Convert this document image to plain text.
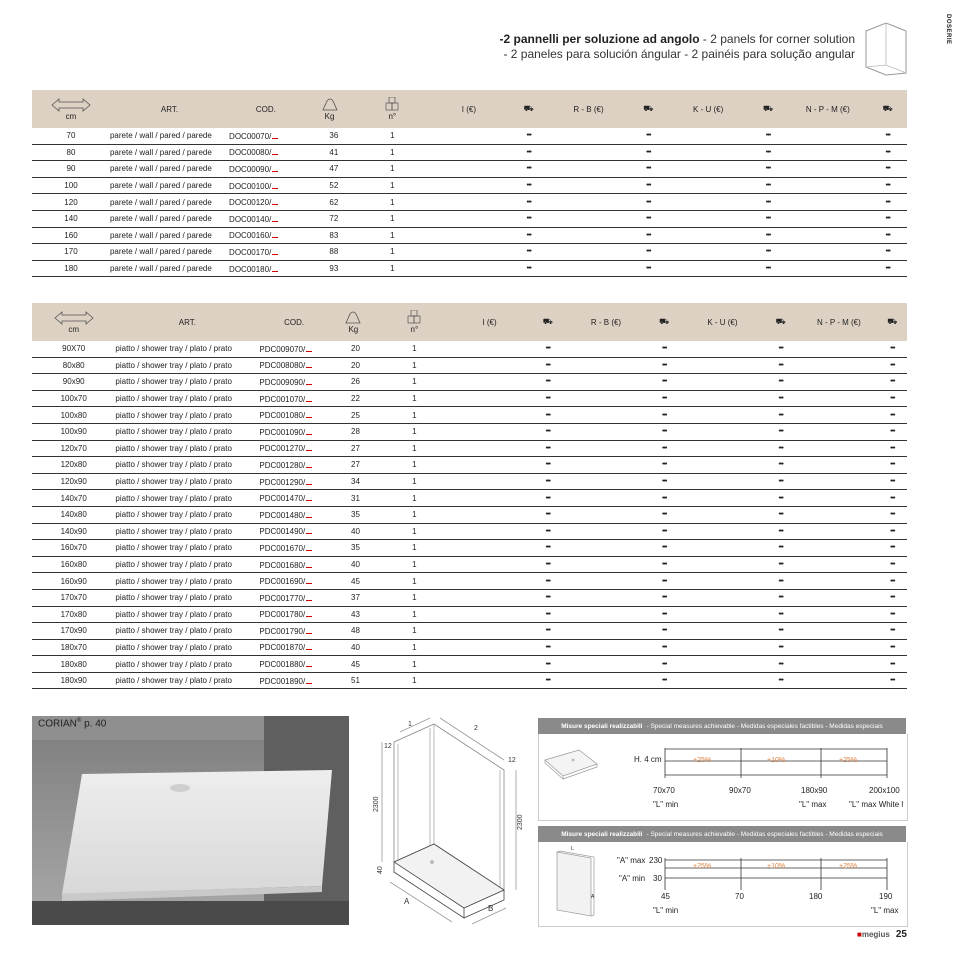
-2 pannelli per soluzione ad angolo - 2 panels for corner solution
- 2 paneles para solución ángular - 2 painéis para solução angular
DOSERIE
cm	ART.	COD.	Kg	n°	I (€)	⛟	R - B (€)	⛟	K - U (€)	⛟	N - P - M (€)	⛟
70	parete / wall / pared / parede	DOC00070/	36	1		•••		•••		•••		•••
80	parete / wall / pared / parede	DOC00080/	41	1		•••		•••		•••		•••
90	parete / wall / pared / parede	DOC00090/	47	1		•••		•••		•••		•••
100	parete / wall / pared / parede	DOC00100/	52	1		•••		•••		•••		•••
120	parete / wall / pared / parede	DOC00120/	62	1		•••		•••		•••		•••
140	parete / wall / pared / parede	DOC00140/	72	1		•••		•••		•••		•••
160	parete / wall / pared / parede	DOC00160/	83	1		•••		•••		•••		•••
170	parete / wall / pared / parede	DOC00170/	88	1		•••		•••		•••		•••
180	parete / wall / pared / parede	DOC00180/	93	1		•••		•••		•••		•••
cm	ART.	COD.	Kg	n°	I (€)	⛟	R - B (€)	⛟	K - U (€)	⛟	N - P - M (€)	⛟
90X70	piatto / shower tray / plato / prato	PDC009070/	20	1		•••		•••		•••		•••
80x80	piatto / shower tray / plato / prato	PDC008080/	20	1		•••		•••		•••		•••
90x90	piatto / shower tray / plato / prato	PDC009090/	26	1		•••		•••		•••		•••
100x70	piatto / shower tray / plato / prato	PDC001070/	22	1		•••		•••		•••		•••
100x80	piatto / shower tray / plato / prato	PDC001080/	25	1		•••		•••		•••		•••
100x90	piatto / shower tray / plato / prato	PDC001090/	28	1		•••		•••		•••		•••
120x70	piatto / shower tray / plato / prato	PDC001270/	27	1		•••		•••		•••		•••
120x80	piatto / shower tray / plato / prato	PDC001280/	27	1		•••		•••		•••		•••
120x90	piatto / shower tray / plato / prato	PDC001290/	34	1		•••		•••		•••		•••
140x70	piatto / shower tray / plato / prato	PDC001470/	31	1		•••		•••		•••		•••
140x80	piatto / shower tray / plato / prato	PDC001480/	35	1		•••		•••		•••		•••
140x90	piatto / shower tray / plato / prato	PDC001490/	40	1		•••		•••		•••		•••
160x70	piatto / shower tray / plato / prato	PDC001670/	35	1		•••		•••		•••		•••
160x80	piatto / shower tray / plato / prato	PDC001680/	40	1		•••		•••		•••		•••
160x90	piatto / shower tray / plato / prato	PDC001690/	45	1		•••		•••		•••		•••
170x70	piatto / shower tray / plato / prato	PDC001770/	37	1		•••		•••		•••		•••
170x80	piatto / shower tray / plato / prato	PDC001780/	43	1		•••		•••		•••		•••
170x90	piatto / shower tray / plato / prato	PDC001790/	48	1		•••		•••		•••		•••
180x70	piatto / shower tray / plato / prato	PDC001870/	40	1		•••		•••		•••		•••
180x80	piatto / shower tray / plato / prato	PDC001880/	45	1		•••		•••		•••		•••
180x90	piatto / shower tray / plato / prato	PDC001890/	51	1		•••		•••		•••		•••
CORIAN® p. 40	1
2
12
12
2300
2300
40
A
B
Misure speciali realizzabili - Special measures achievable - Medidas especiales factibles - Medidas especiais
H. 4 cm	+25%	+10%	+25%
70x70	90x70	180x90	200x100
"L" min	"L" max	"L" max White l
Misure speciali realizzabili - Special measures achievable - Medidas especiales factibles - Medidas especiais
L
A
"A" max 230
"A" min 30
+25%	+10%	+25%
45	70	180	190
"L" min	"L" max
■megius 25
